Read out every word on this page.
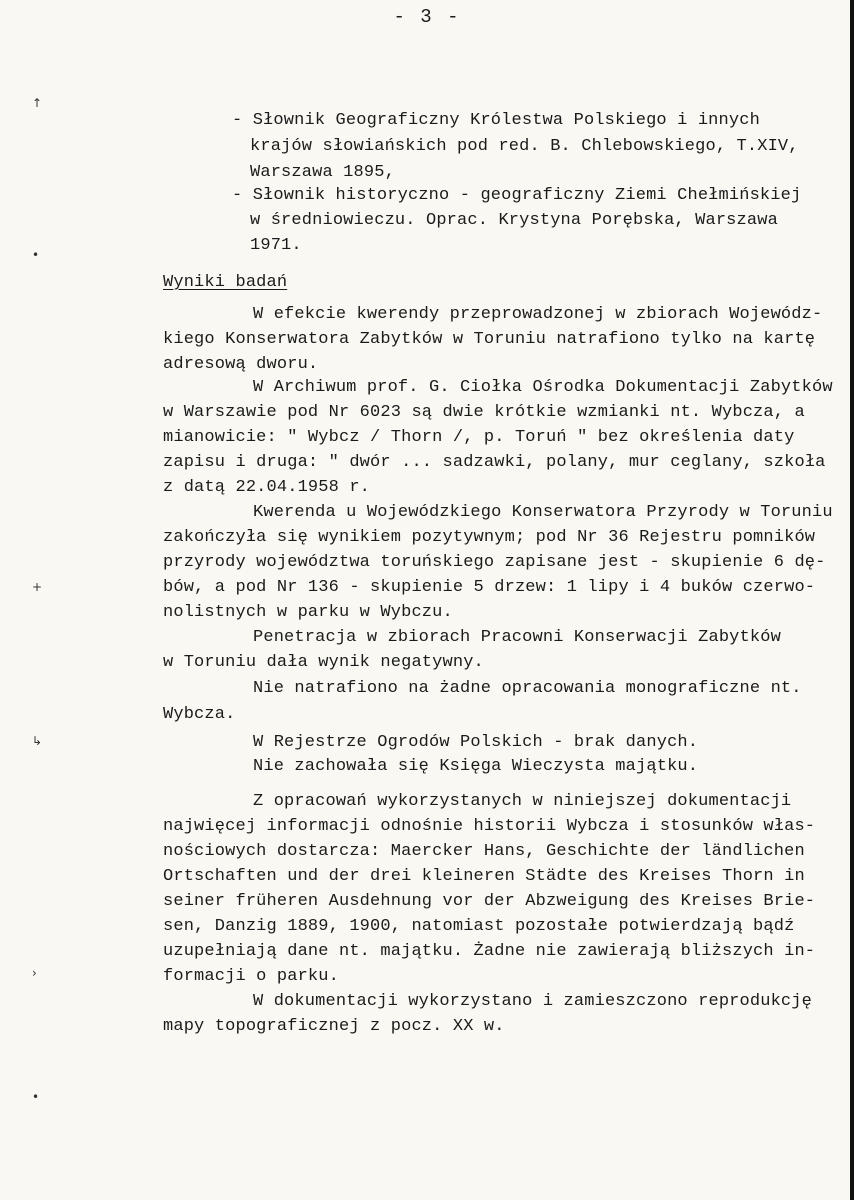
- 3 -
↑
•
+
↳
›
•
- Słownik Geograficzny Królestwa Polskiego i innych
krajów słowiańskich pod red. B. Chlebowskiego, T.XIV,
Warszawa 1895,
- Słownik historyczno - geograficzny Ziemi Chełmińskiej
w średniowieczu. Oprac. Krystyna Porębska, Warszawa
1971.
Wyniki badań
W efekcie kwerendy przeprowadzonej w zbiorach Wojewódz-
kiego Konserwatora Zabytków w Toruniu natrafiono tylko na kartę
adresową dworu.
W Archiwum prof. G. Ciołka Ośrodka Dokumentacji Zabytków
w Warszawie pod Nr 6023 są dwie krótkie wzmianki nt. Wybcza, a
mianowicie: " Wybcz / Thorn /, p. Toruń " bez określenia daty
zapisu i druga: " dwór ... sadzawki, polany, mur ceglany, szkoła
z datą 22.04.1958 r.
Kwerenda u Wojewódzkiego Konserwatora Przyrody w Toruniu
zakończyła się wynikiem pozytywnym; pod Nr 36 Rejestru pomników
przyrody województwa toruńskiego zapisane jest - skupienie 6 dę-
bów, a pod Nr 136 - skupienie 5 drzew: 1 lipy i 4 buków czerwo-
nolistnych w parku w Wybczu.
Penetracja w zbiorach Pracowni Konserwacji Zabytków
w Toruniu dała wynik negatywny.
Nie natrafiono na żadne opracowania monograficzne nt.
Wybcza.
W Rejestrze Ogrodów Polskich - brak danych.
Nie zachowała się Księga Wieczysta majątku.
Z opracowań wykorzystanych w niniejszej dokumentacji
najwięcej informacji odnośnie historii Wybcza i stosunków włas-
nościowych dostarcza: Maercker Hans, Geschichte der ländlichen
Ortschaften und der drei kleineren Städte des Kreises Thorn in
seiner früheren Ausdehnung vor der Abzweigung des Kreises Brie-
sen, Danzig 1889, 1900, natomiast pozostałe potwierdzają bądź
uzupełniają dane nt. majątku. Żadne nie zawierają bliższych in-
formacji o parku.
W dokumentacji wykorzystano i zamieszczono reprodukcję
mapy topograficznej z pocz. XX w.
